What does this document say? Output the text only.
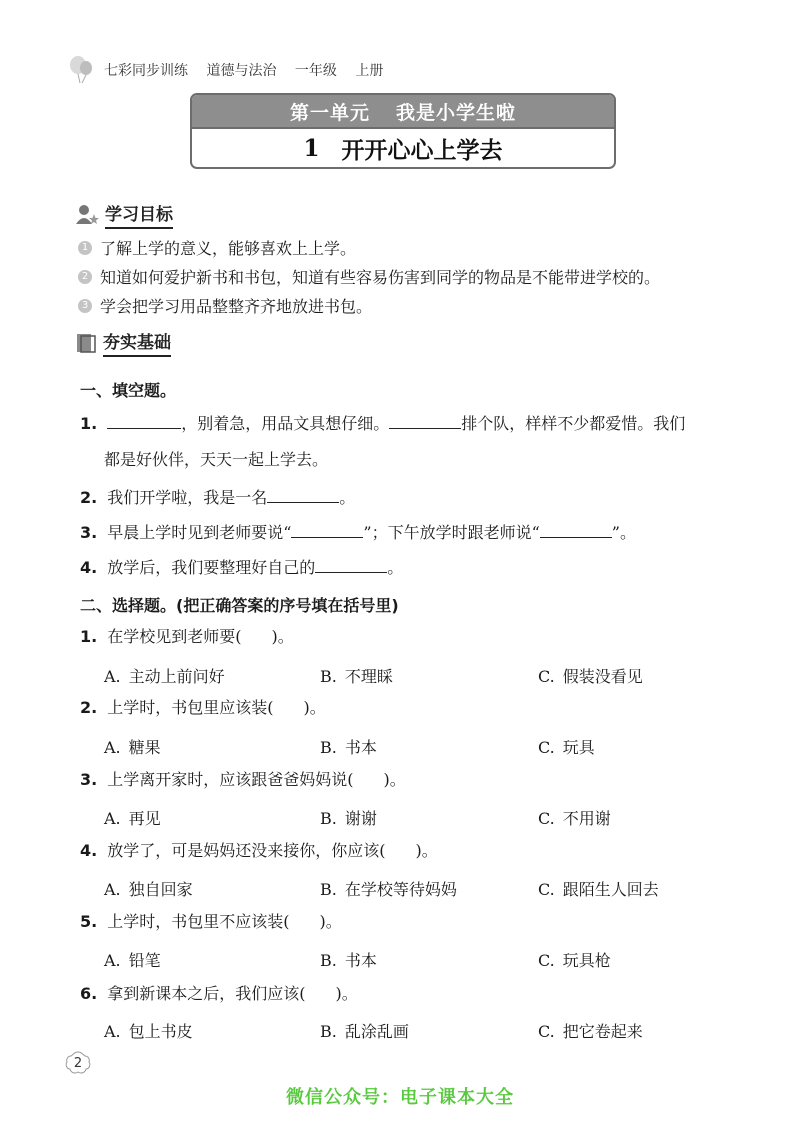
七彩同步训练 道德与法治 一年级 上册
第一单元 我是小学生啦
1 开开心心上学去
学习目标
1 了解上学的意义，能够喜欢上上学。
2 知道如何爱护新书和书包，知道有些容易伤害到同学的物品是不能带进学校的。
3 学会把学习用品整整齐齐地放进书包。
夯实基础
一、填空题。
1.	，别着急，用品文具想仔细。	排个队，样样不少都爱惜。我们
都是好伙伴，天天一起上学去。
2. 我们开学啦，我是一名	。
3. 早晨上学时见到老师要说“	”；下午放学时跟老师说“	”。
4. 放学后，我们要整理好自己的	。
二、选择题。(把正确答案的序号填在括号里)
1. 在学校见到老师要( )。
A. 主动上前问好	B. 不理睬	C. 假装没看见
2. 上学时，书包里应该装( )。
A. 糖果	B. 书本	C. 玩具
3. 上学离开家时，应该跟爸爸妈妈说( )。
A. 再见	B. 谢谢	C. 不用谢
4. 放学了，可是妈妈还没来接你，你应该( )。
A. 独自回家	B. 在学校等待妈妈	C. 跟陌生人回去
5. 上学时，书包里不应该装( )。
A. 铅笔	B. 书本	C. 玩具枪
6. 拿到新课本之后，我们应该( )。
A. 包上书皮	B. 乱涂乱画	C. 把它卷起来
2
微信公众号：电子课本大全
